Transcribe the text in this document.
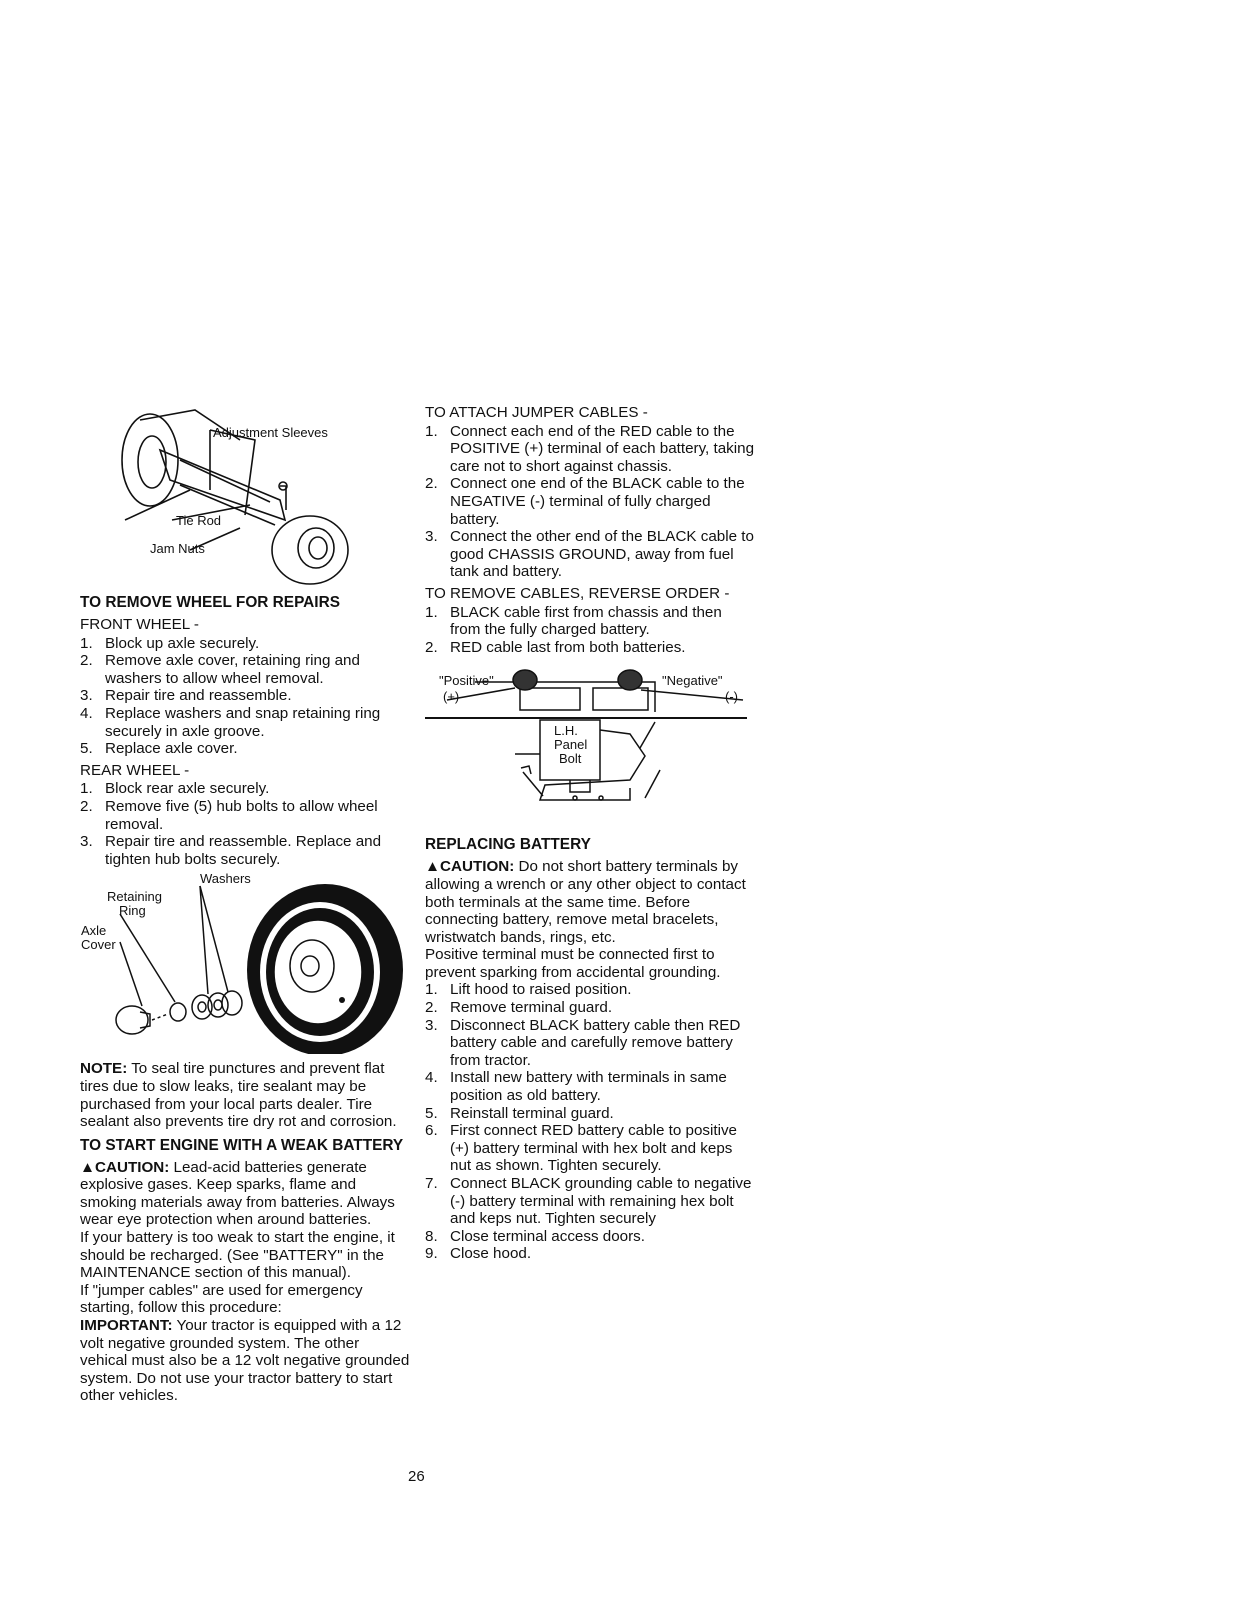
Adjustment Sleeves
Tie Rod
Jam Nuts
TO REMOVE WHEEL FOR REPAIRS

FRONT WHEEL -

1. Block up axle securely.
2. Remove axle cover, retaining ring and washers to allow wheel removal.
3. Repair tire and reassemble.
4. Replace washers and snap retaining ring securely in axle groove.
5. Replace axle cover.

REAR WHEEL -

1. Block rear axle securely.
2. Remove five (5) hub bolts to allow wheel removal.
3. Repair tire and reassemble. Replace and tighten hub bolts securely.
Washers
Retaining
Ring
Axle
Cover

NOTE: To seal tire punctures and prevent flat tires due to slow leaks, tire sealant may be purchased from your local parts dealer. Tire sealant also prevents tire dry rot and corrosion.

TO START ENGINE WITH A WEAK BATTERY

▲CAUTION: Lead-acid batteries generate explosive gases. Keep sparks, flame and smoking materials away from batteries. Always wear eye protection when around batteries.

If your battery is too weak to start the engine, it should be recharged. (See "BATTERY" in the MAINTENANCE section of this manual).

If "jumper cables" are used for emergency starting, follow this procedure:

IMPORTANT: Your tractor is equipped with a 12 volt negative grounded system. The other vehical must also be a 12 volt negative grounded system. Do not use your tractor battery to start other vehicles.

TO ATTACH JUMPER CABLES -

1. Connect each end of the RED cable to the POSITIVE (+) terminal of each battery, taking care not to short against chassis.
2. Connect one end of the BLACK cable to the NEGATIVE (-) terminal of fully charged battery.
3. Connect the other end of the BLACK cable to good CHASSIS GROUND, away from fuel tank and battery.

TO REMOVE CABLES, REVERSE ORDER -

1. BLACK cable first from chassis and then from the fully charged battery.
2. RED cable last from both batteries.
"Positive"
(+)
"Negative"
(-)
L.H.
Panel
Bolt
REPLACING BATTERY

▲CAUTION: Do not short battery terminals by allowing a wrench or any other object to contact both terminals at the same time. Before connecting battery, remove metal bracelets, wristwatch bands, rings, etc.

Positive terminal must be connected first to prevent sparking from accidental grounding.

1. Lift hood to raised position.
2. Remove terminal guard.
3. Disconnect BLACK battery cable then RED battery cable and carefully remove battery from tractor.
4. Install new battery with terminals in same position as old battery.
5. Reinstall terminal guard.
6. First connect RED battery cable to positive (+) battery terminal with hex bolt and keps nut as shown. Tighten securely.
7. Connect BLACK grounding cable to negative (-) battery terminal with remaining hex bolt and keps nut. Tighten securely
8. Close terminal access doors.
9. Close hood.
26
